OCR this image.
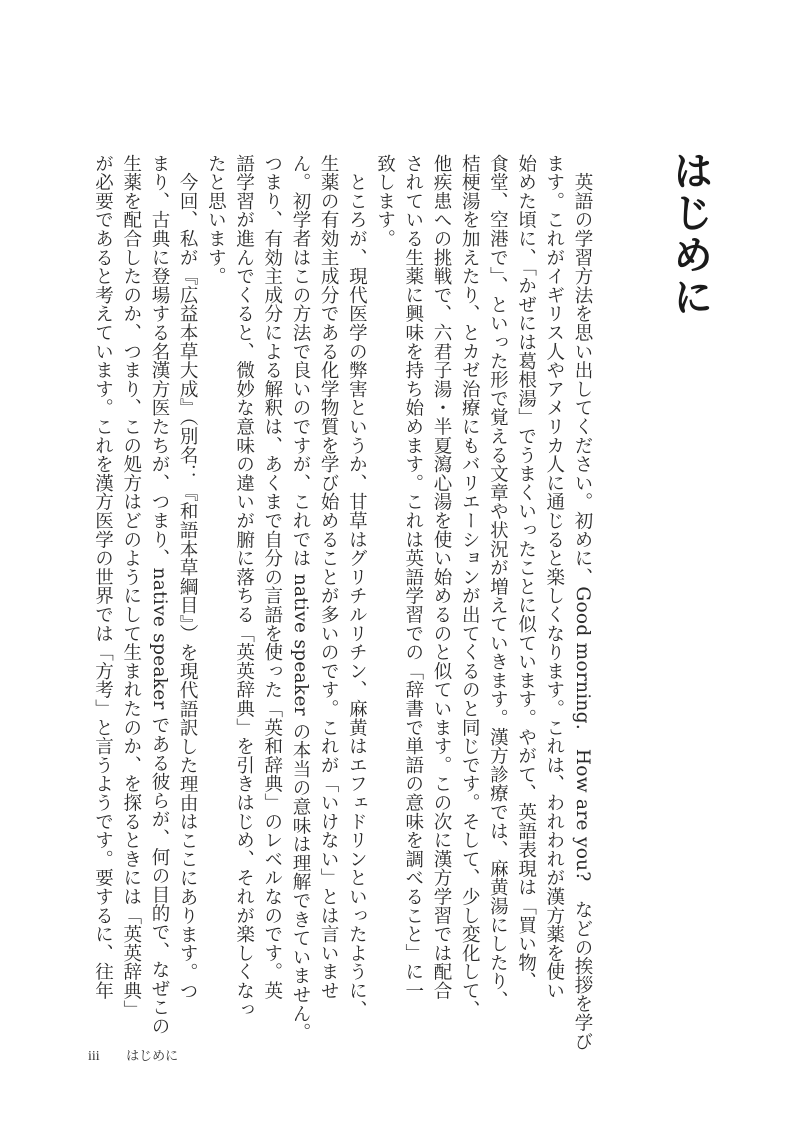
はじめに
　英語の学習方法を思い出してください。初めに、Good morning.　How are you?　などの挨拶を学び
ます。これがイギリス人やアメリカ人に通じると楽しくなります。これは、われわれが漢方薬を使い
始めた頃に、「かぜには葛根湯」でうまくいったことに似ています。やがて、英語表現は「買い物、
食堂、空港で」、といった形で覚える文章や状況が増えていきます。漢方診療では、麻黄湯にしたり、
桔梗湯を加えたり、とカゼ治療にもバリエーションが出てくるのと同じです。そして、少し変化して、
他疾患への挑戦で、六君子湯・半夏瀉心湯を使い始めるのと似ています。この次に漢方学習では配合
されている生薬に興味を持ち始めます。これは英語学習での「辞書で単語の意味を調べること」に一
致します。
　ところが、現代医学の弊害というか、甘草はグリチルリチン、麻黄はエフェドリンといったように、
生薬の有効主成分である化学物質を学び始めることが多いのです。これが「いけない」とは言いませ
ん。初学者はこの方法で良いのですが、これでは native speaker の本当の意味は理解できていません。
つまり、有効主成分による解釈は、あくまで自分の言語を使った「英和辞典」のレベルなのです。英
語学習が進んでくると、微妙な意味の違いが腑に落ちる「英英辞典」を引きはじめ、それが楽しくなっ
たと思います。
　今回、私が『広益本草大成』（別名：『和語本草綱目』）を現代語訳した理由はここにあります。つ
まり、古典に登場する名漢方医たちが、つまり、native speaker である彼らが、何の目的で、なぜこの
生薬を配合したのか、つまり、この処方はどのようにして生まれたのか、を探るときには「英英辞典」
が必要であると考えています。これを漢方医学の世界では「方考」と言うようです。要するに、往年
iii はじめに
